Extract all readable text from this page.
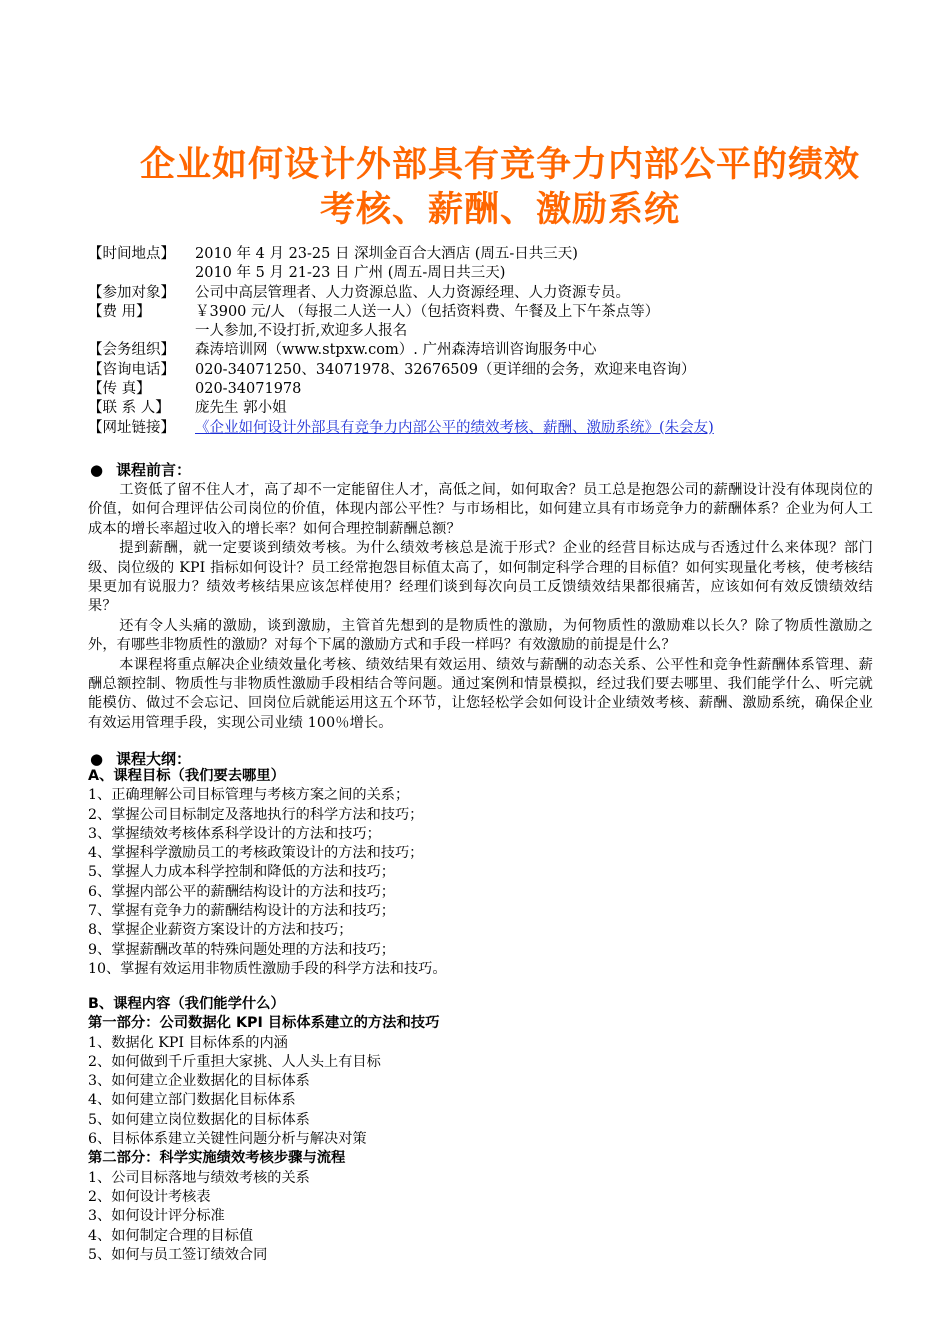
企业如何设计外部具有竞争力内部公平的绩效
考核、薪酬、激励系统
【时间地点】	2010 年 4 月 23-25 日 深圳金百合大酒店 (周五-日共三天)
2010 年 5 月 21-23 日 广州 (周五-周日共三天)
【参加对象】	公司中高层管理者、人力资源总监、人力资源经理、人力资源专员。
【费 用】	￥3900 元/人 （每报二人送一人）（包括资料费、午餐及上下午茶点等）
一人参加,不设打折,欢迎多人报名
【会务组织】	森涛培训网（www.stpxw.com）. 广州森涛培训咨询服务中心
【咨询电话】	020-34071250、34071978、32676509（更详细的会务，欢迎来电咨询）
【传 真】	020-34071978
【联 系 人】	庞先生 郭小姐
【网址链接】	《企业如何设计外部具有竞争力内部公平的绩效考核、薪酬、激励系统》(朱会友)
● 课程前言：

工资低了留不住人才，高了却不一定能留住人才，高低之间，如何取舍？员工总是抱怨公司的薪酬设计没有体现岗位的价值，如何合理评估公司岗位的价值，体现内部公平性？与市场相比，如何建立具有市场竞争力的薪酬体系？企业为何人工成本的增长率超过收入的增长率？如何合理控制薪酬总额？

提到薪酬，就一定要谈到绩效考核。为什么绩效考核总是流于形式？企业的经营目标达成与否透过什么来体现？部门级、岗位级的 KPI 指标如何设计？员工经常抱怨目标值太高了，如何制定科学合理的目标值？如何实现量化考核，使考核结果更加有说服力？绩效考核结果应该怎样使用？经理们谈到每次向员工反馈绩效结果都很痛苦，应该如何有效反馈绩效结果？

还有令人头痛的激励，谈到激励，主管首先想到的是物质性的激励，为何物质性的激励难以长久？除了物质性激励之外，有哪些非物质性的激励？对每个下属的激励方式和手段一样吗？有效激励的前提是什么？

本课程将重点解决企业绩效量化考核、绩效结果有效运用、绩效与薪酬的动态关系、公平性和竞争性薪酬体系管理、薪酬总额控制、物质性与非物质性激励手段相结合等问题。通过案例和情景模拟，经过我们要去哪里、我们能学什么、听完就能模仿、做过不会忘记、回岗位后就能运用这五个环节，让您轻松学会如何设计企业绩效考核、薪酬、激励系统，确保企业有效运用管理手段，实现公司业绩 100％增长。

● 课程大纲：
A、课程目标（我们要去哪里）
1、正确理解公司目标管理与考核方案之间的关系；
2、掌握公司目标制定及落地执行的科学方法和技巧；
3、掌握绩效考核体系科学设计的方法和技巧；
4、掌握科学激励员工的考核政策设计的方法和技巧；
5、掌握人力成本科学控制和降低的方法和技巧；
6、掌握内部公平的薪酬结构设计的方法和技巧；
7、掌握有竞争力的薪酬结构设计的方法和技巧；
8、掌握企业薪资方案设计的方法和技巧；
9、掌握薪酬改革的特殊问题处理的方法和技巧；
10、掌握有效运用非物质性激励手段的科学方法和技巧。
B、课程内容（我们能学什么）
第一部分：公司数据化 KPI 目标体系建立的方法和技巧
1、数据化 KPI 目标体系的内涵
2、如何做到千斤重担大家挑、人人头上有目标
3、如何建立企业数据化的目标体系
4、如何建立部门数据化目标体系
5、如何建立岗位数据化的目标体系
6、目标体系建立关键性问题分析与解决对策
第二部分：科学实施绩效考核步骤与流程
1、公司目标落地与绩效考核的关系
2、如何设计考核表
3、如何设计评分标准
4、如何制定合理的目标值
5、如何与员工签订绩效合同
